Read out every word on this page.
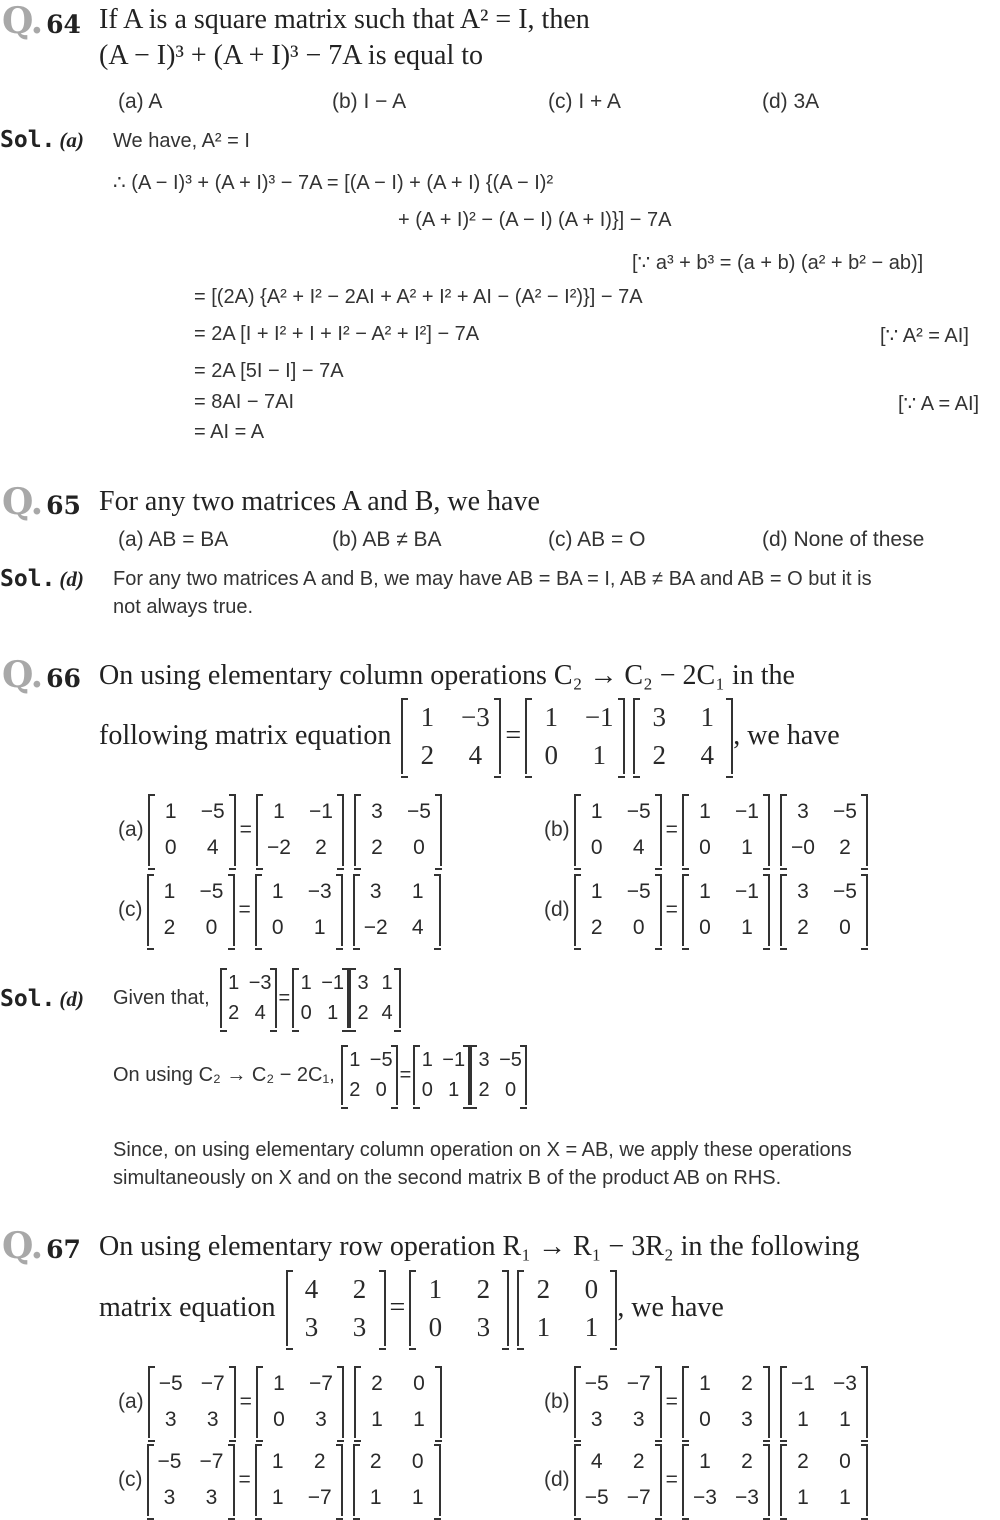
Q. 64 If A is a square matrix such that A² = I, then
(A − I)³ + (A + I)³ − 7A is equal to
(a) A	(b) I − A	(c) I + A	(d) 3A
Sol. (a) We have, A² = I
∴ (A − I)³ + (A + I)³ − 7A = [(A − I) + (A + I) {(A − I)²
+ (A + I)² − (A − I) (A + I)}] − 7A
[∵ a³ + b³ = (a + b) (a² + b² − ab)]
= [(2A) {A² + I² − 2AI + A² + I² + AI − (A² − I²)}] − 7A
= 2A [I + I² + I + I² − A² + I²] − 7A	[∵ A² = AI]
= 2A [5I − I] − 7A
= 8AI − 7AI	[∵ A = AI]
= AI = A
Q. 65 For any two matrices A and B, we have
(a) AB = BA	(b) AB ≠ BA	(c) AB = O	(d) None of these
Sol. (d) For any two matrices A and B, we may have AB = BA = I, AB ≠ BA and AB = O but it is
not always true.
Q. 66 On using elementary column operations C₂ → C₂ − 2C₁ in the
following matrix equation
1	−3
2	4
=
1	−1
0	1
3	1
2	4
, we have
(a)
1	−5
0	4
=
1	−1
−2	2
3	−5
2	0
(b)
1	−5
0	4
=
1	−1
0	1
3	−5
−0	2
(c)
1	−5
2	0
=
1	−3
0	1
3	1
−2	4
(d)
1	−5
2	0
=
1	−1
0	1
3	−5
2	0
Sol. (d) Given that,
1	−3
2	4
=
1	−1
0	1
3	1
2	4
On using C₂ → C₂ − 2C₁,
1	−5
2	0
=
1	−1
0	1
3	−5
2	0
Since, on using elementary column operation on X = AB, we apply these operations
simultaneously on X and on the second matrix B of the product AB on RHS.
Q. 67 On using elementary row operation R₁ → R₁ − 3R₂ in the following
matrix equation
4	2
3	3
=
1	2
0	3
2	0
1	1
, we have
(a)
−5	−7
3	3
=
1	−7
0	3
2	0
1	1
(b)
−5	−7
3	3
=
1	2
0	3
−1	−3
1	1
(c)
−5	−7
3	3
=
1	2
1	−7
2	0
1	1
(d)
4	2
−5	−7
=
1	2
−3	−3
2	0
1	1
